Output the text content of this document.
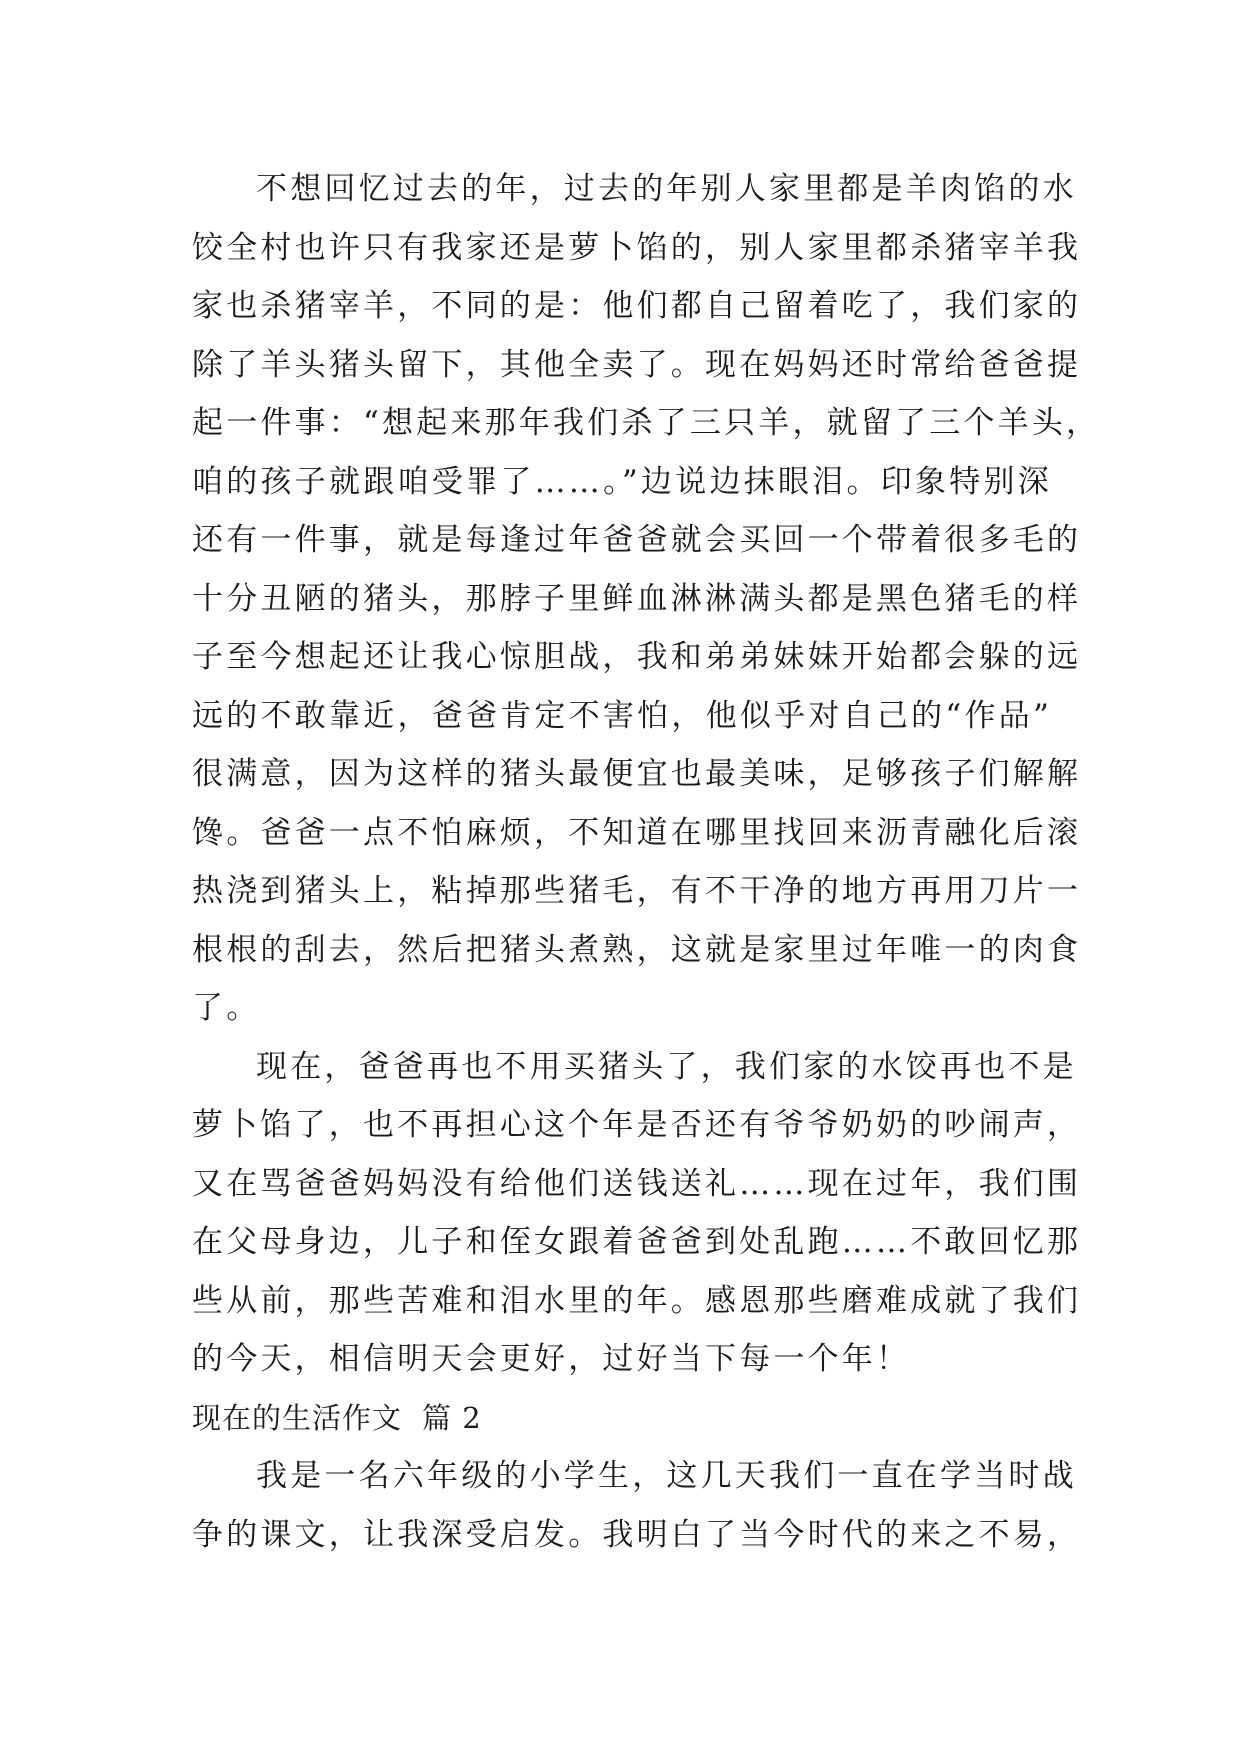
不想回忆过去的年，过去的年别人家里都是羊肉馅的水
饺全村也许只有我家还是萝卜馅的，别人家里都杀猪宰羊我
家也杀猪宰羊，不同的是：他们都自己留着吃了，我们家的
除了羊头猪头留下，其他全卖了。现在妈妈还时常给爸爸提
起一件事：“想起来那年我们杀了三只羊，就留了三个羊头，
咱的孩子就跟咱受罪了……。”边说边抹眼泪。印象特别深
还有一件事，就是每逢过年爸爸就会买回一个带着很多毛的
十分丑陋的猪头，那脖子里鲜血淋淋满头都是黑色猪毛的样
子至今想起还让我心惊胆战，我和弟弟妹妹开始都会躲的远
远的不敢靠近，爸爸肯定不害怕，他似乎对自己的“作品”
很满意，因为这样的猪头最便宜也最美味，足够孩子们解解
馋。爸爸一点不怕麻烦，不知道在哪里找回来沥青融化后滚
热浇到猪头上，粘掉那些猪毛，有不干净的地方再用刀片一
根根的刮去，然后把猪头煮熟，这就是家里过年唯一的肉食
了。
现在，爸爸再也不用买猪头了，我们家的水饺再也不是
萝卜馅了，也不再担心这个年是否还有爷爷奶奶的吵闹声，
又在骂爸爸妈妈没有给他们送钱送礼……现在过年，我们围
在父母身边，儿子和侄女跟着爸爸到处乱跑……不敢回忆那
些从前，那些苦难和泪水里的年。感恩那些磨难成就了我们
的今天，相信明天会更好，过好当下每一个年！
现在的生活作文 篇 2
我是一名六年级的小学生，这几天我们一直在学当时战
争的课文，让我深受启发。我明白了当今时代的来之不易，
